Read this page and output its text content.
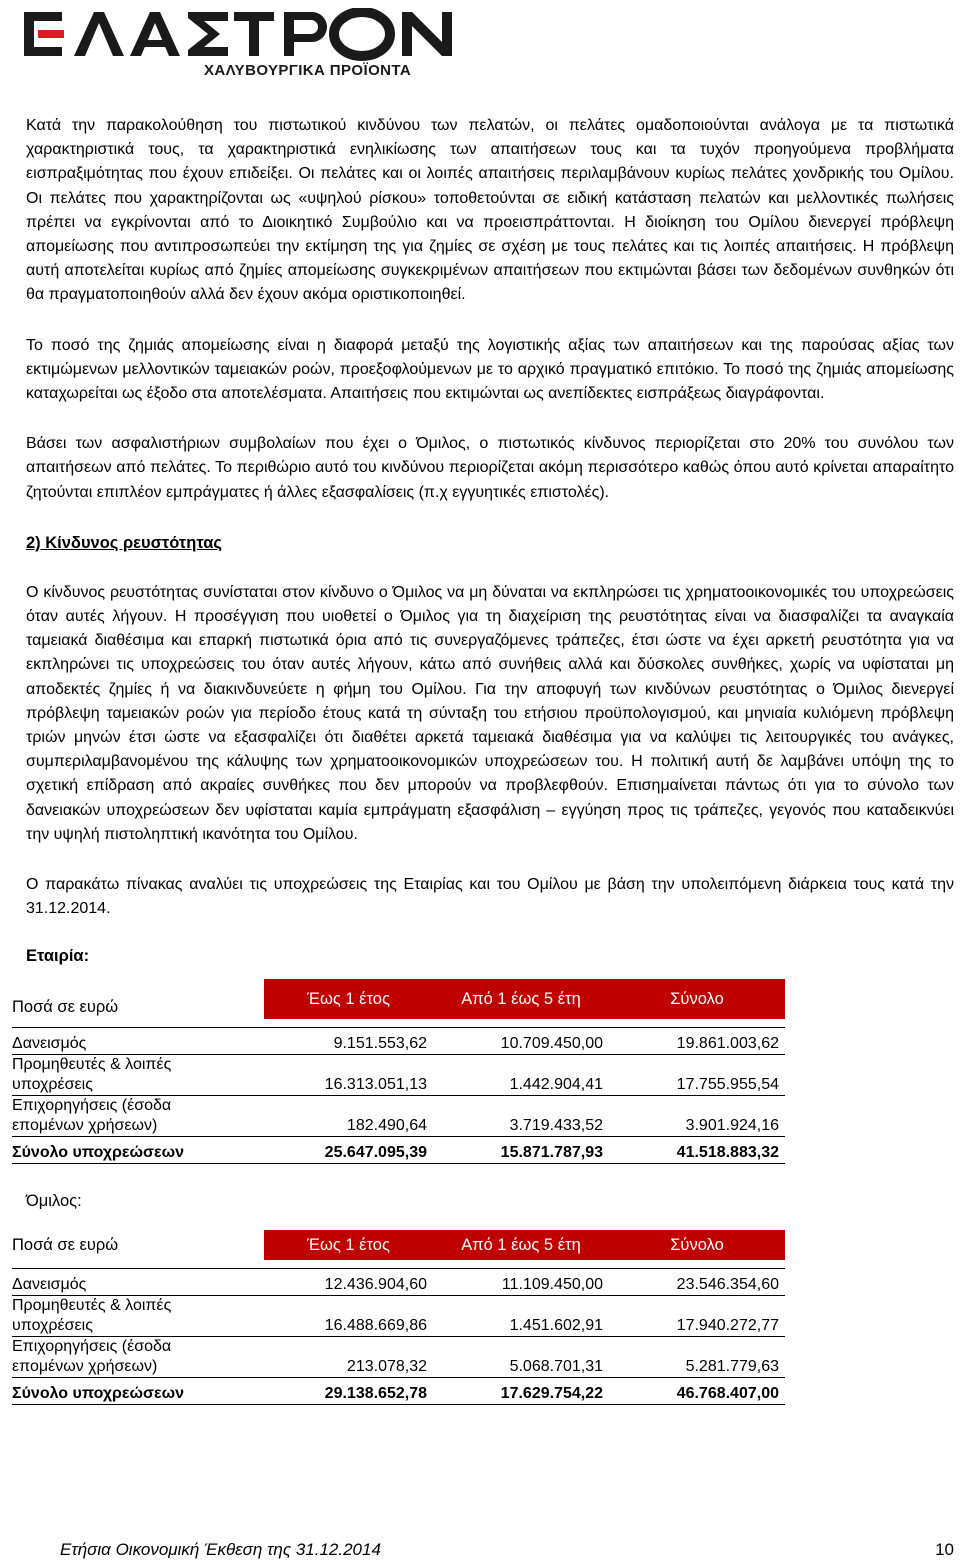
ΧΑΛΥΒΟΥΡΓΙΚΑ ΠΡΟΪΟΝΤΑ

Κατά την παρακολούθηση του πιστωτικού κινδύνου των πελατών, οι πελάτες ομαδοποιούνται ανάλογα με τα πιστωτικά χαρακτηριστικά τους, τα χαρακτηριστικά ενηλικίωσης των απαιτήσεων τους και τα τυχόν προηγούμενα προβλήματα εισπραξιμότητας που έχουν επιδείξει. Οι πελάτες και οι λοιπές απαιτήσεις περιλαμβάνουν κυρίως πελάτες χονδρικής του Ομίλου. Οι πελάτες που χαρακτηρίζονται ως «υψηλού ρίσκου» τοποθετούνται σε ειδική κατάσταση πελατών και μελλοντικές πωλήσεις πρέπει να εγκρίνονται από το Διοικητικό Συμβούλιο και να προεισπράττονται. Η διοίκηση του Ομίλου διενεργεί πρόβλεψη απομείωσης που αντιπροσωπεύει την εκτίμηση της για ζημίες σε σχέση με τους πελάτες και τις λοιπές απαιτήσεις. Η πρόβλεψη αυτή αποτελείται κυρίως από ζημίες απομείωσης συγκεκριμένων απαιτήσεων που εκτιμώνται βάσει των δεδομένων συνθηκών ότι θα πραγματοποιηθούν αλλά δεν έχουν ακόμα οριστικοποιηθεί.

Το ποσό της ζημιάς απομείωσης είναι η διαφορά μεταξύ της λογιστικής αξίας των απαιτήσεων και της παρούσας αξίας των εκτιμώμενων μελλοντικών ταμειακών ροών, προεξοφλούμενων με το αρχικό πραγματικό επιτόκιο. Το ποσό της ζημιάς απομείωσης καταχωρείται ως έξοδο στα αποτελέσματα. Απαιτήσεις που εκτιμώνται ως ανεπίδεκτες εισπράξεως διαγράφονται.

Βάσει των ασφαλιστήριων συμβολαίων που έχει ο Όμιλος, ο πιστωτικός κίνδυνος περιορίζεται στο 20% του συνόλου των απαιτήσεων από πελάτες. Το περιθώριο αυτό του κινδύνου περιορίζεται ακόμη περισσότερο καθώς όπου αυτό κρίνεται απαραίτητο ζητούνται επιπλέον εμπράγματες ή άλλες εξασφαλίσεις (π.χ εγγυητικές επιστολές).

2) Κίνδυνος ρευστότητας

Ο κίνδυνος ρευστότητας συνίσταται στον κίνδυνο ο Όμιλος να μη δύναται να εκπληρώσει τις χρηματοοικονομικές του υποχρεώσεις όταν αυτές λήγουν. Η προσέγγιση που υιοθετεί ο Όμιλος για τη διαχείριση της ρευστότητας είναι να διασφαλίζει τα αναγκαία ταμειακά διαθέσιμα και επαρκή πιστωτικά όρια από τις συνεργαζόμενες τράπεζες, έτσι ώστε να έχει αρκετή ρευστότητα για να εκπληρώνει τις υποχρεώσεις του όταν αυτές λήγουν, κάτω από συνήθεις αλλά και δύσκολες συνθήκες, χωρίς να υφίσταται μη αποδεκτές ζημίες ή να διακινδυνεύετε η φήμη του Ομίλου. Για την αποφυγή των κινδύνων ρευστότητας ο Όμιλος διενεργεί πρόβλεψη ταμειακών ροών για περίοδο έτους κατά τη σύνταξη του ετήσιου προϋπολογισμού, και μηνιαία κυλιόμενη πρόβλεψη τριών μηνών έτσι ώστε να εξασφαλίζει ότι διαθέτει αρκετά ταμειακά διαθέσιμα για να καλύψει τις λειτουργικές του ανάγκες, συμπεριλαμβανομένου της κάλυψης των χρηματοοικονομικών υποχρεώσεων του. Η πολιτική αυτή δε λαμβάνει υπόψη της το σχετική επίδραση από ακραίες συνθήκες που δεν μπορούν να προβλεφθούν. Επισημαίνεται πάντως ότι για το σύνολο των δανειακών υποχρεώσεων δεν υφίσταται καμία εμπράγματη εξασφάλιση – εγγύηση προς τις τράπεζες, γεγονός που καταδεικνύει την υψηλή πιστοληπτική ικανότητα του Ομίλου.

Ο παρακάτω πίνακας αναλύει τις υποχρεώσεις της Εταιρίας και του Ομίλου με βάση την υπολειπόμενη διάρκεια τους κατά την 31.12.2014.

Εταιρία:

Ποσά σε ευρώ	Έως 1 έτος	Από 1 έως 5 έτη	Σύνολο

Δανεισμός	9.151.553,62	10.709.450,00	19.861.003,62
Προμηθευτές & λοιπές
υποχρέσεις	16.313.051,13	1.442.904,41	17.755.955,54
Επιχορηγήσεις (έσοδα
επομένων χρήσεων)	182.490,64	3.719.433,52	3.901.924,16
Σύνολο υποχρεώσεων	25.647.095,39	15.871.787,93	41.518.883,32

Όμιλος:

Ποσά σε ευρώ	Έως 1 έτος	Από 1 έως 5 έτη	Σύνολο

Δανεισμός	12.436.904,60	11.109.450,00	23.546.354,60
Προμηθευτές & λοιπές
υποχρέσεις	16.488.669,86	1.451.602,91	17.940.272,77
Επιχορηγήσεις (έσοδα
επομένων χρήσεων)	213.078,32	5.068.701,31	5.281.779,63
Σύνολο υποχρεώσεων	29.138.652,78	17.629.754,22	46.768.407,00
Ετήσια Οικονομική Έκθεση της 31.12.2014	10
